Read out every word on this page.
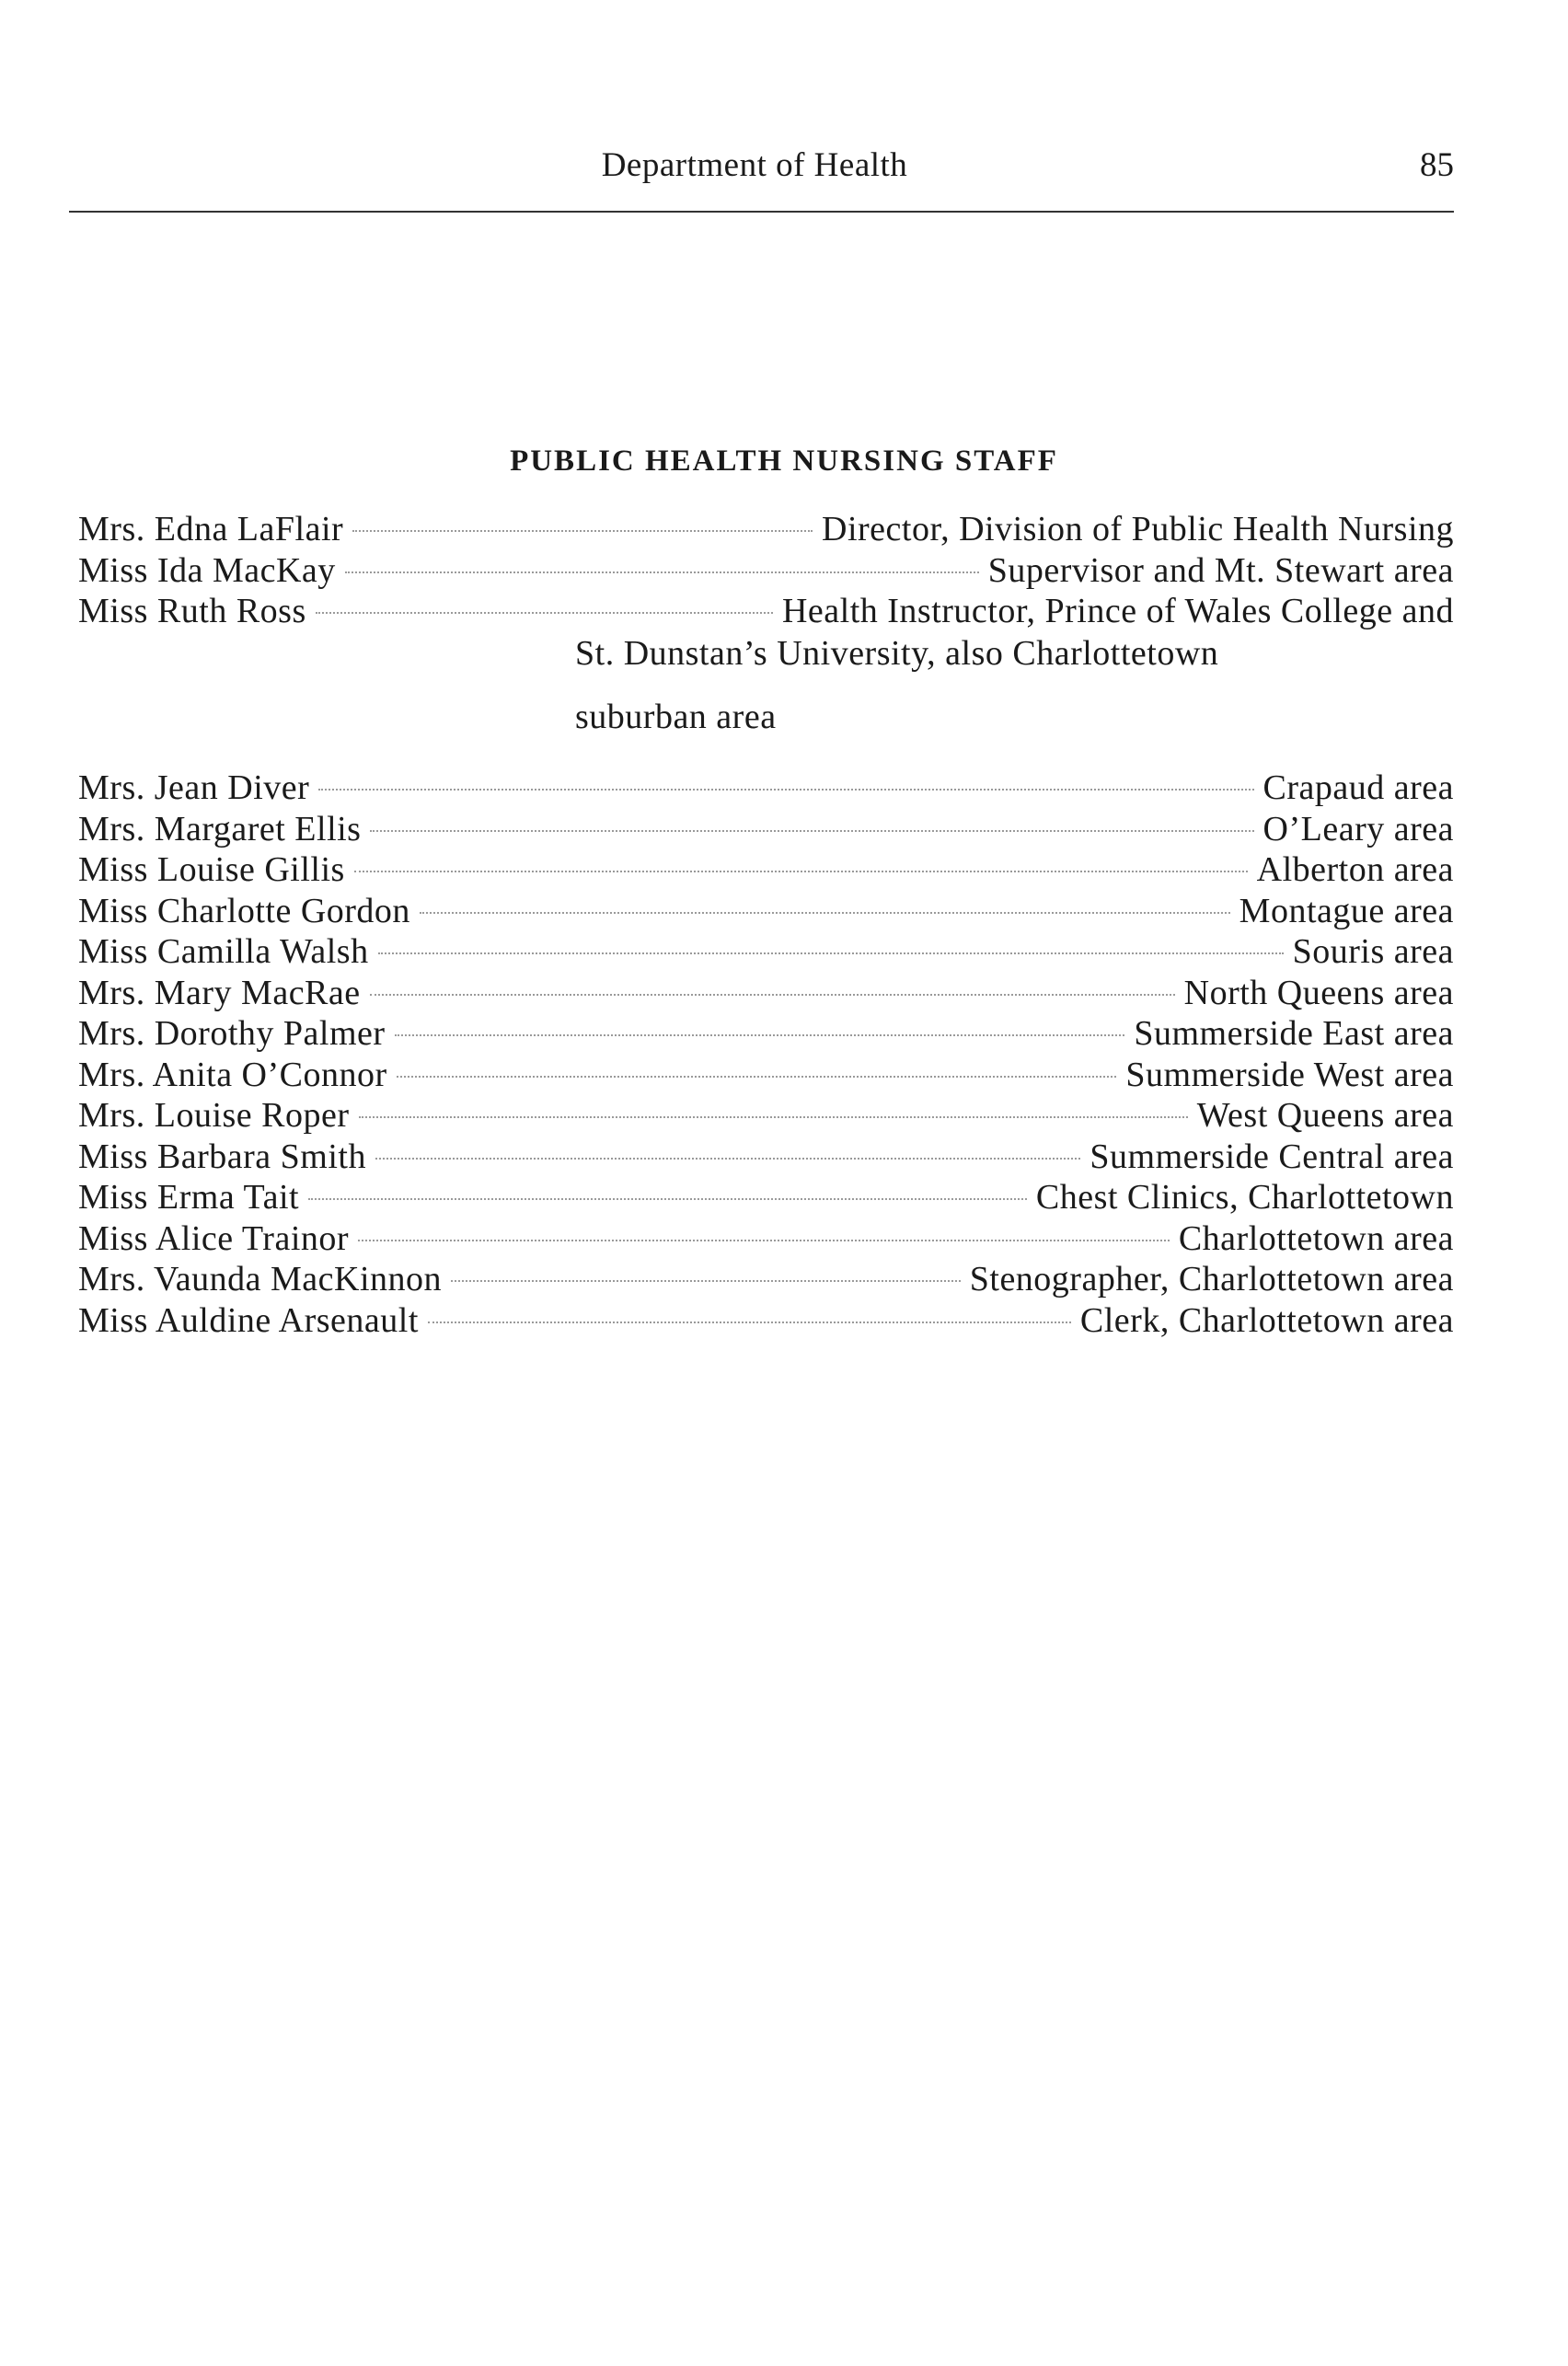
Department of Health	85
PUBLIC HEALTH NURSING STAFF
Mrs. Edna LaFlair	Director, Division of Public Health Nursing
Miss Ida MacKay	Supervisor and Mt. Stewart area
Miss Ruth Ross	Health Instructor, Prince of Wales College and
St. Dunstan’s University, also Charlottetown
suburban area
Mrs. Jean Diver	Crapaud area
Mrs. Margaret Ellis	O’Leary area
Miss Louise Gillis	Alberton area
Miss Charlotte Gordon	Montague area
Miss Camilla Walsh	Souris area
Mrs. Mary MacRae	North Queens area
Mrs. Dorothy Palmer	Summerside East area
Mrs. Anita O’Connor	Summerside West area
Mrs. Louise Roper	West Queens area
Miss Barbara Smith	Summerside Central area
Miss Erma Tait	Chest Clinics, Charlottetown
Miss Alice Trainor	Charlottetown area
Mrs. Vaunda MacKinnon	Stenographer, Charlottetown area
Miss Auldine Arsenault	Clerk, Charlottetown area
